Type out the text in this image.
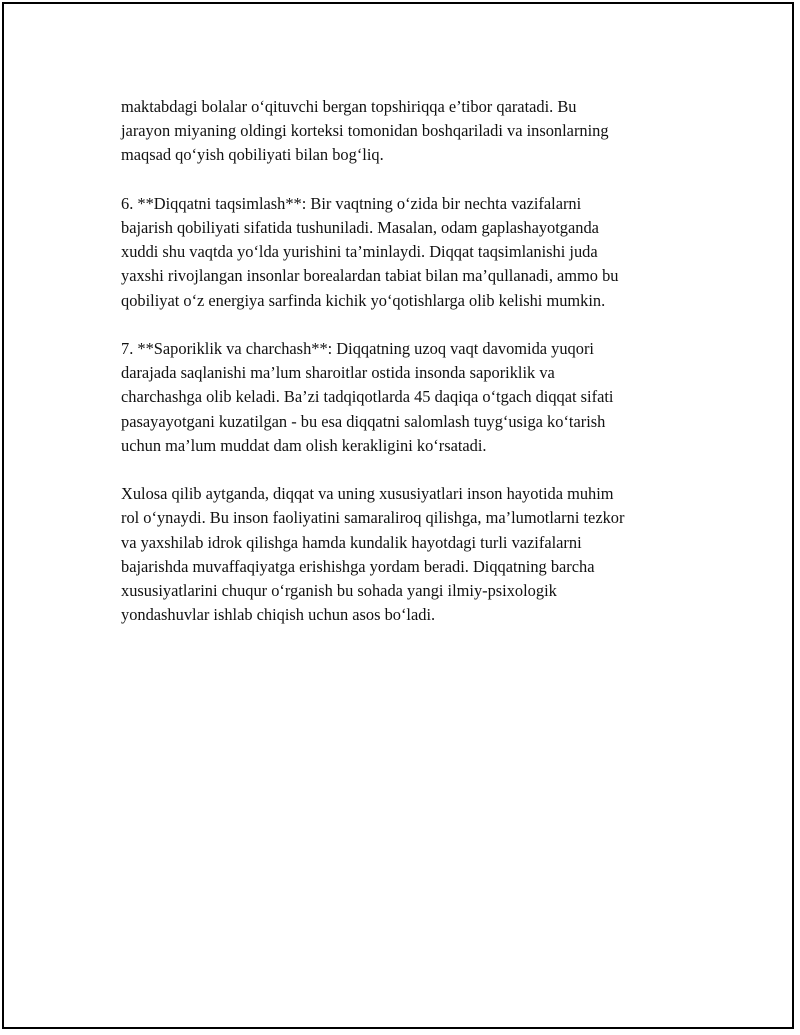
maktabdagi bolalar o‘qituvchi bergan topshiriqqa e’tibor qaratadi. Bu
jarayon miyaning oldingi korteksi tomonidan boshqariladi va insonlarning
maqsad qo‘yish qobiliyati bilan bog‘liq.

6. **Diqqatni taqsimlash**: Bir vaqtning o‘zida bir nechta vazifalarni
bajarish qobiliyati sifatida tushuniladi. Masalan, odam gaplashayotganda
xuddi shu vaqtda yo‘lda yurishini ta’minlaydi. Diqqat taqsimlanishi juda
yaxshi rivojlangan insonlar borealardan tabiat bilan ma’qullanadi, ammo bu
qobiliyat o‘z energiya sarfinda kichik yo‘qotishlarga olib kelishi mumkin.

7. **Saporiklik va charchash**: Diqqatning uzoq vaqt davomida yuqori
darajada saqlanishi ma’lum sharoitlar ostida insonda saporiklik va
charchashga olib keladi. Ba’zi tadqiqotlarda 45 daqiqa o‘tgach diqqat sifati
pasayayotgani kuzatilgan - bu esa diqqatni salomlash tuyg‘usiga ko‘tarish
uchun ma’lum muddat dam olish kerakligini ko‘rsatadi.

Xulosa qilib aytganda, diqqat va uning xususiyatlari inson hayotida muhim
rol o‘ynaydi. Bu inson faoliyatini samaraliroq qilishga, ma’lumotlarni tezkor
va yaxshilab idrok qilishga hamda kundalik hayotdagi turli vazifalarni
bajarishda muvaffaqiyatga erishishga yordam beradi. Diqqatning barcha
xususiyatlarini chuqur o‘rganish bu sohada yangi ilmiy-psixologik
yondashuvlar ishlab chiqish uchun asos bo‘ladi.
